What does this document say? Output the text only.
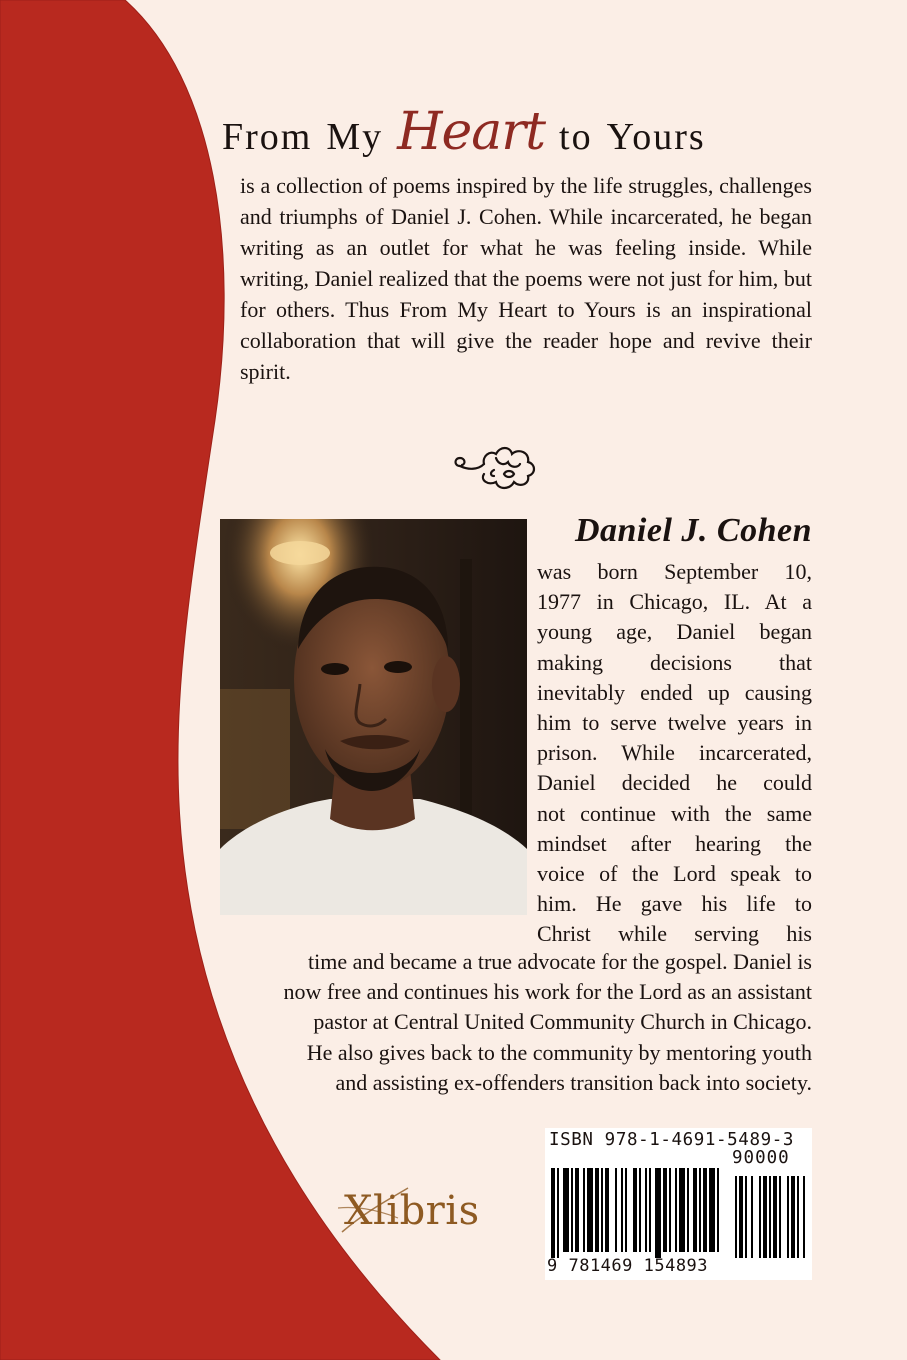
From My Heart to Yours

is a collection of poems inspired by the life struggles, challenges and triumphs of Daniel J. Cohen. While incarcerated, he began writing as an outlet for what he was feeling inside. While writing, Daniel realized that the poems were not just for him, but for others. Thus From My Heart to Yours is an inspirational collaboration that will give the reader hope and revive their spirit.

Daniel J. Cohen

was born September 10,
1977 in Chicago, IL. At a
young age, Daniel began
making decisions that
inevitably ended up causing
him to serve twelve years in
prison. While incarcerated,
Daniel decided he could
not continue with the same
mindset after hearing the
voice of the Lord speak to
him. He gave his life to
Christ while serving his
time and became a true advocate for the gospel. Daniel is
now free and continues his work for the Lord as an assistant
pastor at Central United Community Church in Chicago.
He also gives back to the community by mentoring youth
and assisting ex-offenders transition back into society.
Xlibris
ISBN 978-1-4691-5489-3
90000
9 781469 154893
